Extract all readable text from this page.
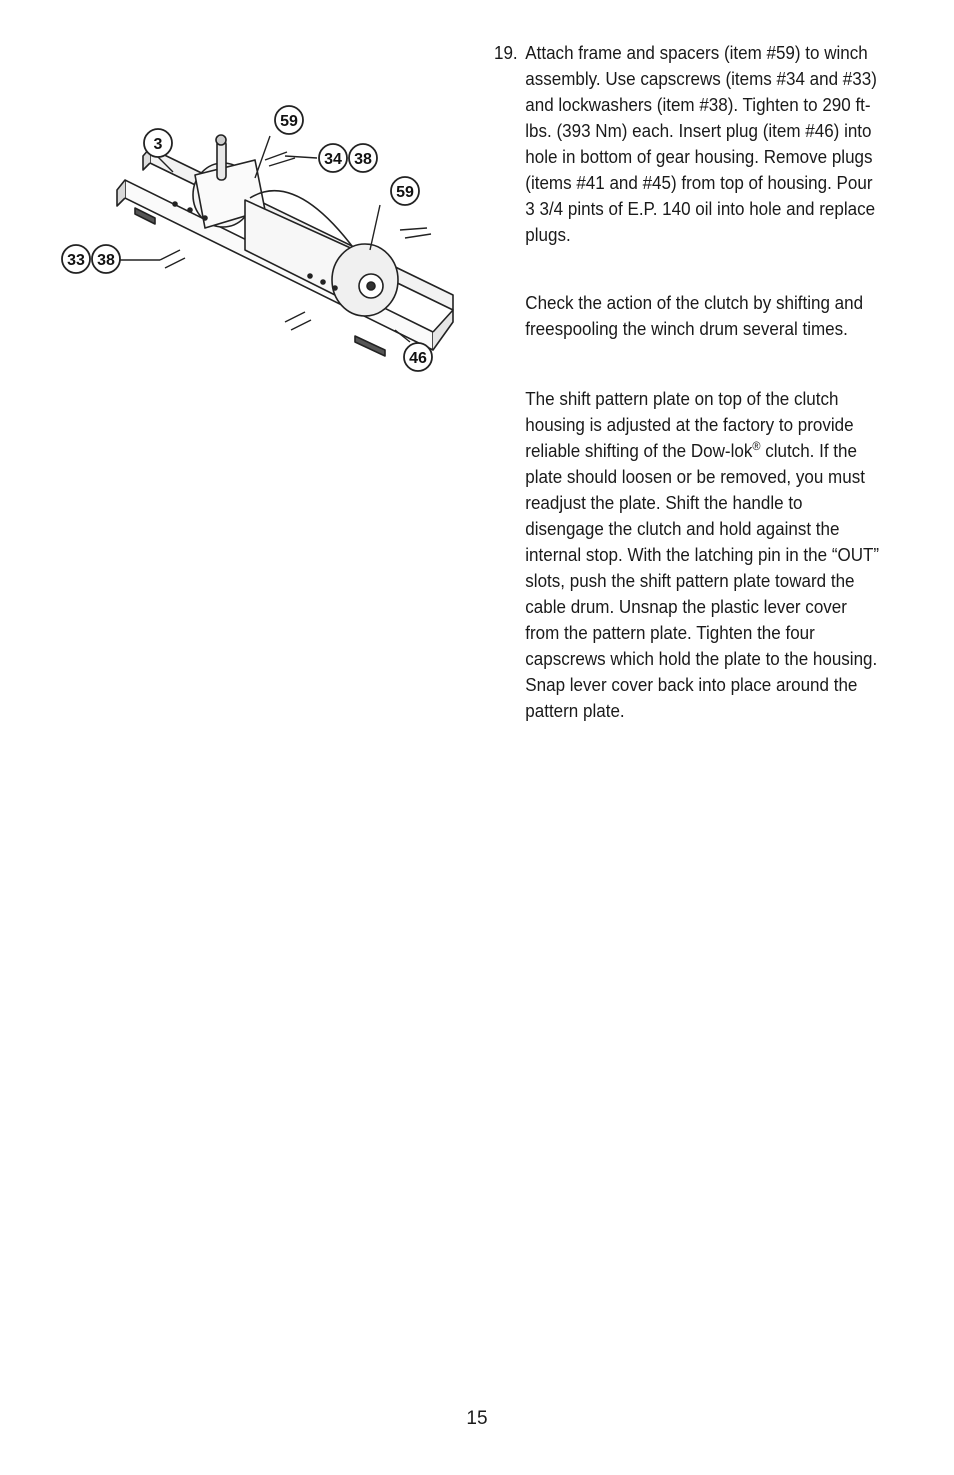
3
59
34 38
59
33 38
46

19. Attach frame and spacers (item #59) to winch assembly. Use capscrews (items #34 and #33) and lockwashers (item #38). Tighten to 290 ft-lbs. (393 Nm) each. Insert plug (item #46) into hole in bottom of gear housing. Remove plugs (items #41 and #45) from top of housing. Pour 3 3/4 pints of E.P. 140 oil into hole and replace plugs.

Check the action of the clutch by shifting and freespooling the winch drum several times.

The shift pattern plate on top of the clutch housing is adjusted at the factory to provide reliable shifting of the Dow-lok® clutch. If the plate should loosen or be removed, you must readjust the plate. Shift the handle to disengage the clutch and hold against the internal stop. With the latching pin in the “OUT” slots, push the shift pattern plate toward the cable drum. Unsnap the plastic lever cover from the pattern plate. Tighten the four capscrews which hold the plate to the housing. Snap lever cover back into place around the pattern plate.

15
